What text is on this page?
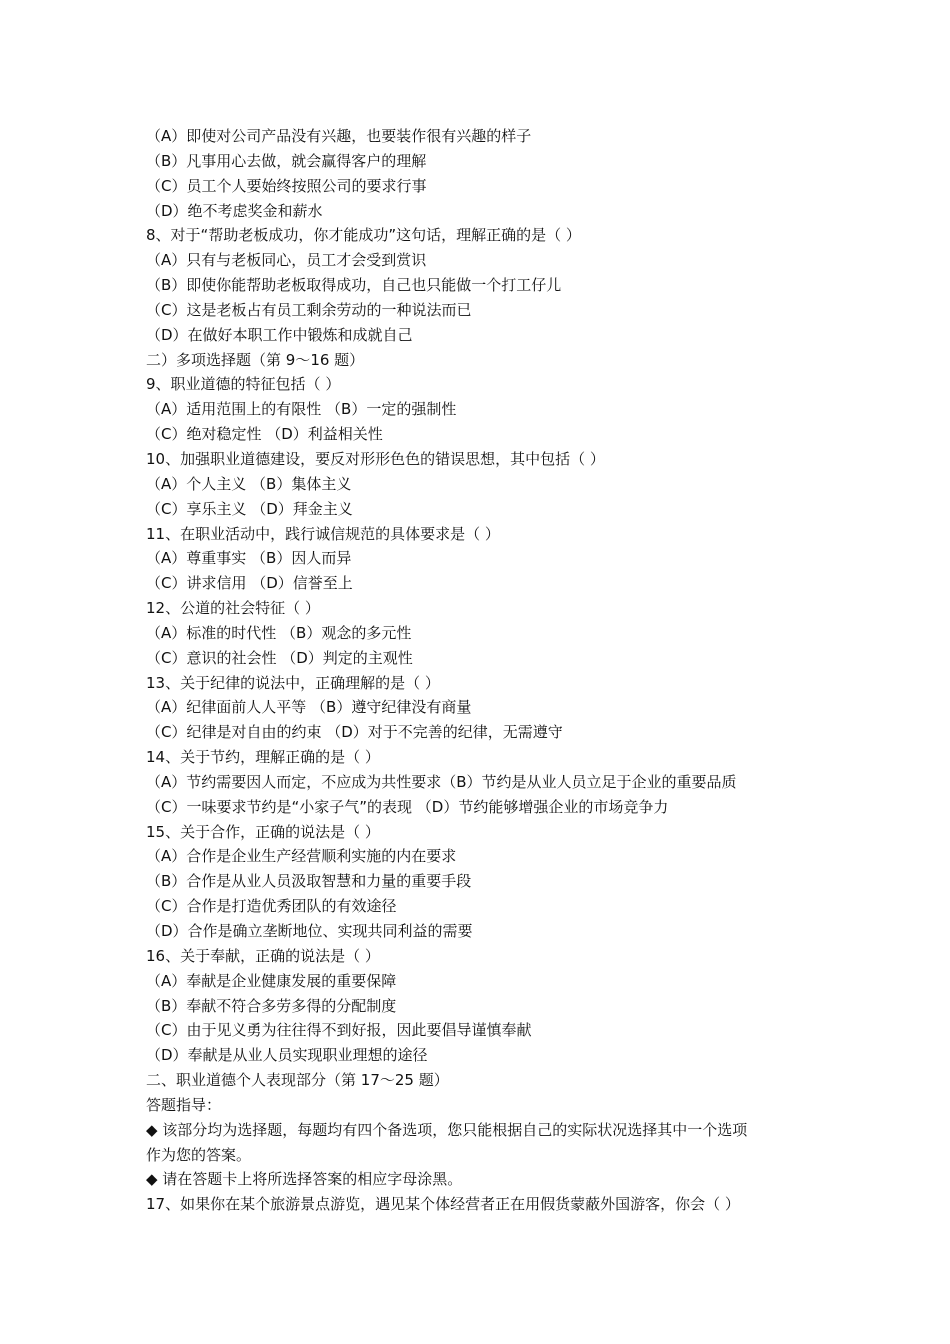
（A）即使对公司产品没有兴趣，也要装作很有兴趣的样子
（B）凡事用心去做，就会赢得客户的理解
（C）员工个人要始终按照公司的要求行事
（D）绝不考虑奖金和薪水
8、对于“帮助老板成功，你才能成功”这句话，理解正确的是（ ）
（A）只有与老板同心，员工才会受到赏识
（B）即使你能帮助老板取得成功，自己也只能做一个打工仔儿
（C）这是老板占有员工剩余劳动的一种说法而已
（D）在做好本职工作中锻炼和成就自己
二）多项选择题（第 9～16 题）
9、职业道德的特征包括（ ）
（A）适用范围上的有限性 （B）一定的强制性
（C）绝对稳定性 （D）利益相关性
10、加强职业道德建设，要反对形形色色的错误思想，其中包括（ ）
（A）个人主义 （B）集体主义
（C）享乐主义 （D）拜金主义
11、在职业活动中，践行诚信规范的具体要求是（ ）
（A）尊重事实 （B）因人而异
（C）讲求信用 （D）信誉至上
12、公道的社会特征（ ）
（A）标准的时代性 （B）观念的多元性
（C）意识的社会性 （D）判定的主观性
13、关于纪律的说法中，正确理解的是（ ）
（A）纪律面前人人平等 （B）遵守纪律没有商量
（C）纪律是对自由的约束 （D）对于不完善的纪律，无需遵守
14、关于节约，理解正确的是（ ）
（A）节约需要因人而定，不应成为共性要求（B）节约是从业人员立足于企业的重要品质
（C）一味要求节约是“小家子气”的表现 （D）节约能够增强企业的市场竞争力
15、关于合作，正确的说法是（ ）
（A）合作是企业生产经营顺利实施的内在要求
（B）合作是从业人员汲取智慧和力量的重要手段
（C）合作是打造优秀团队的有效途径
（D）合作是确立垄断地位、实现共同利益的需要
16、关于奉献，正确的说法是（ ）
（A）奉献是企业健康发展的重要保障
（B）奉献不符合多劳多得的分配制度
（C）由于见义勇为往往得不到好报，因此要倡导谨慎奉献
（D）奉献是从业人员实现职业理想的途径
二、职业道德个人表现部分（第 17～25 题）
答题指导：
◆ 该部分均为选择题，每题均有四个备选项，您只能根据自己的实际状况选择其中一个选项
作为您的答案。
◆ 请在答题卡上将所选择答案的相应字母涂黑。
17、如果你在某个旅游景点游览，遇见某个体经营者正在用假货蒙蔽外国游客，你会（ ）
